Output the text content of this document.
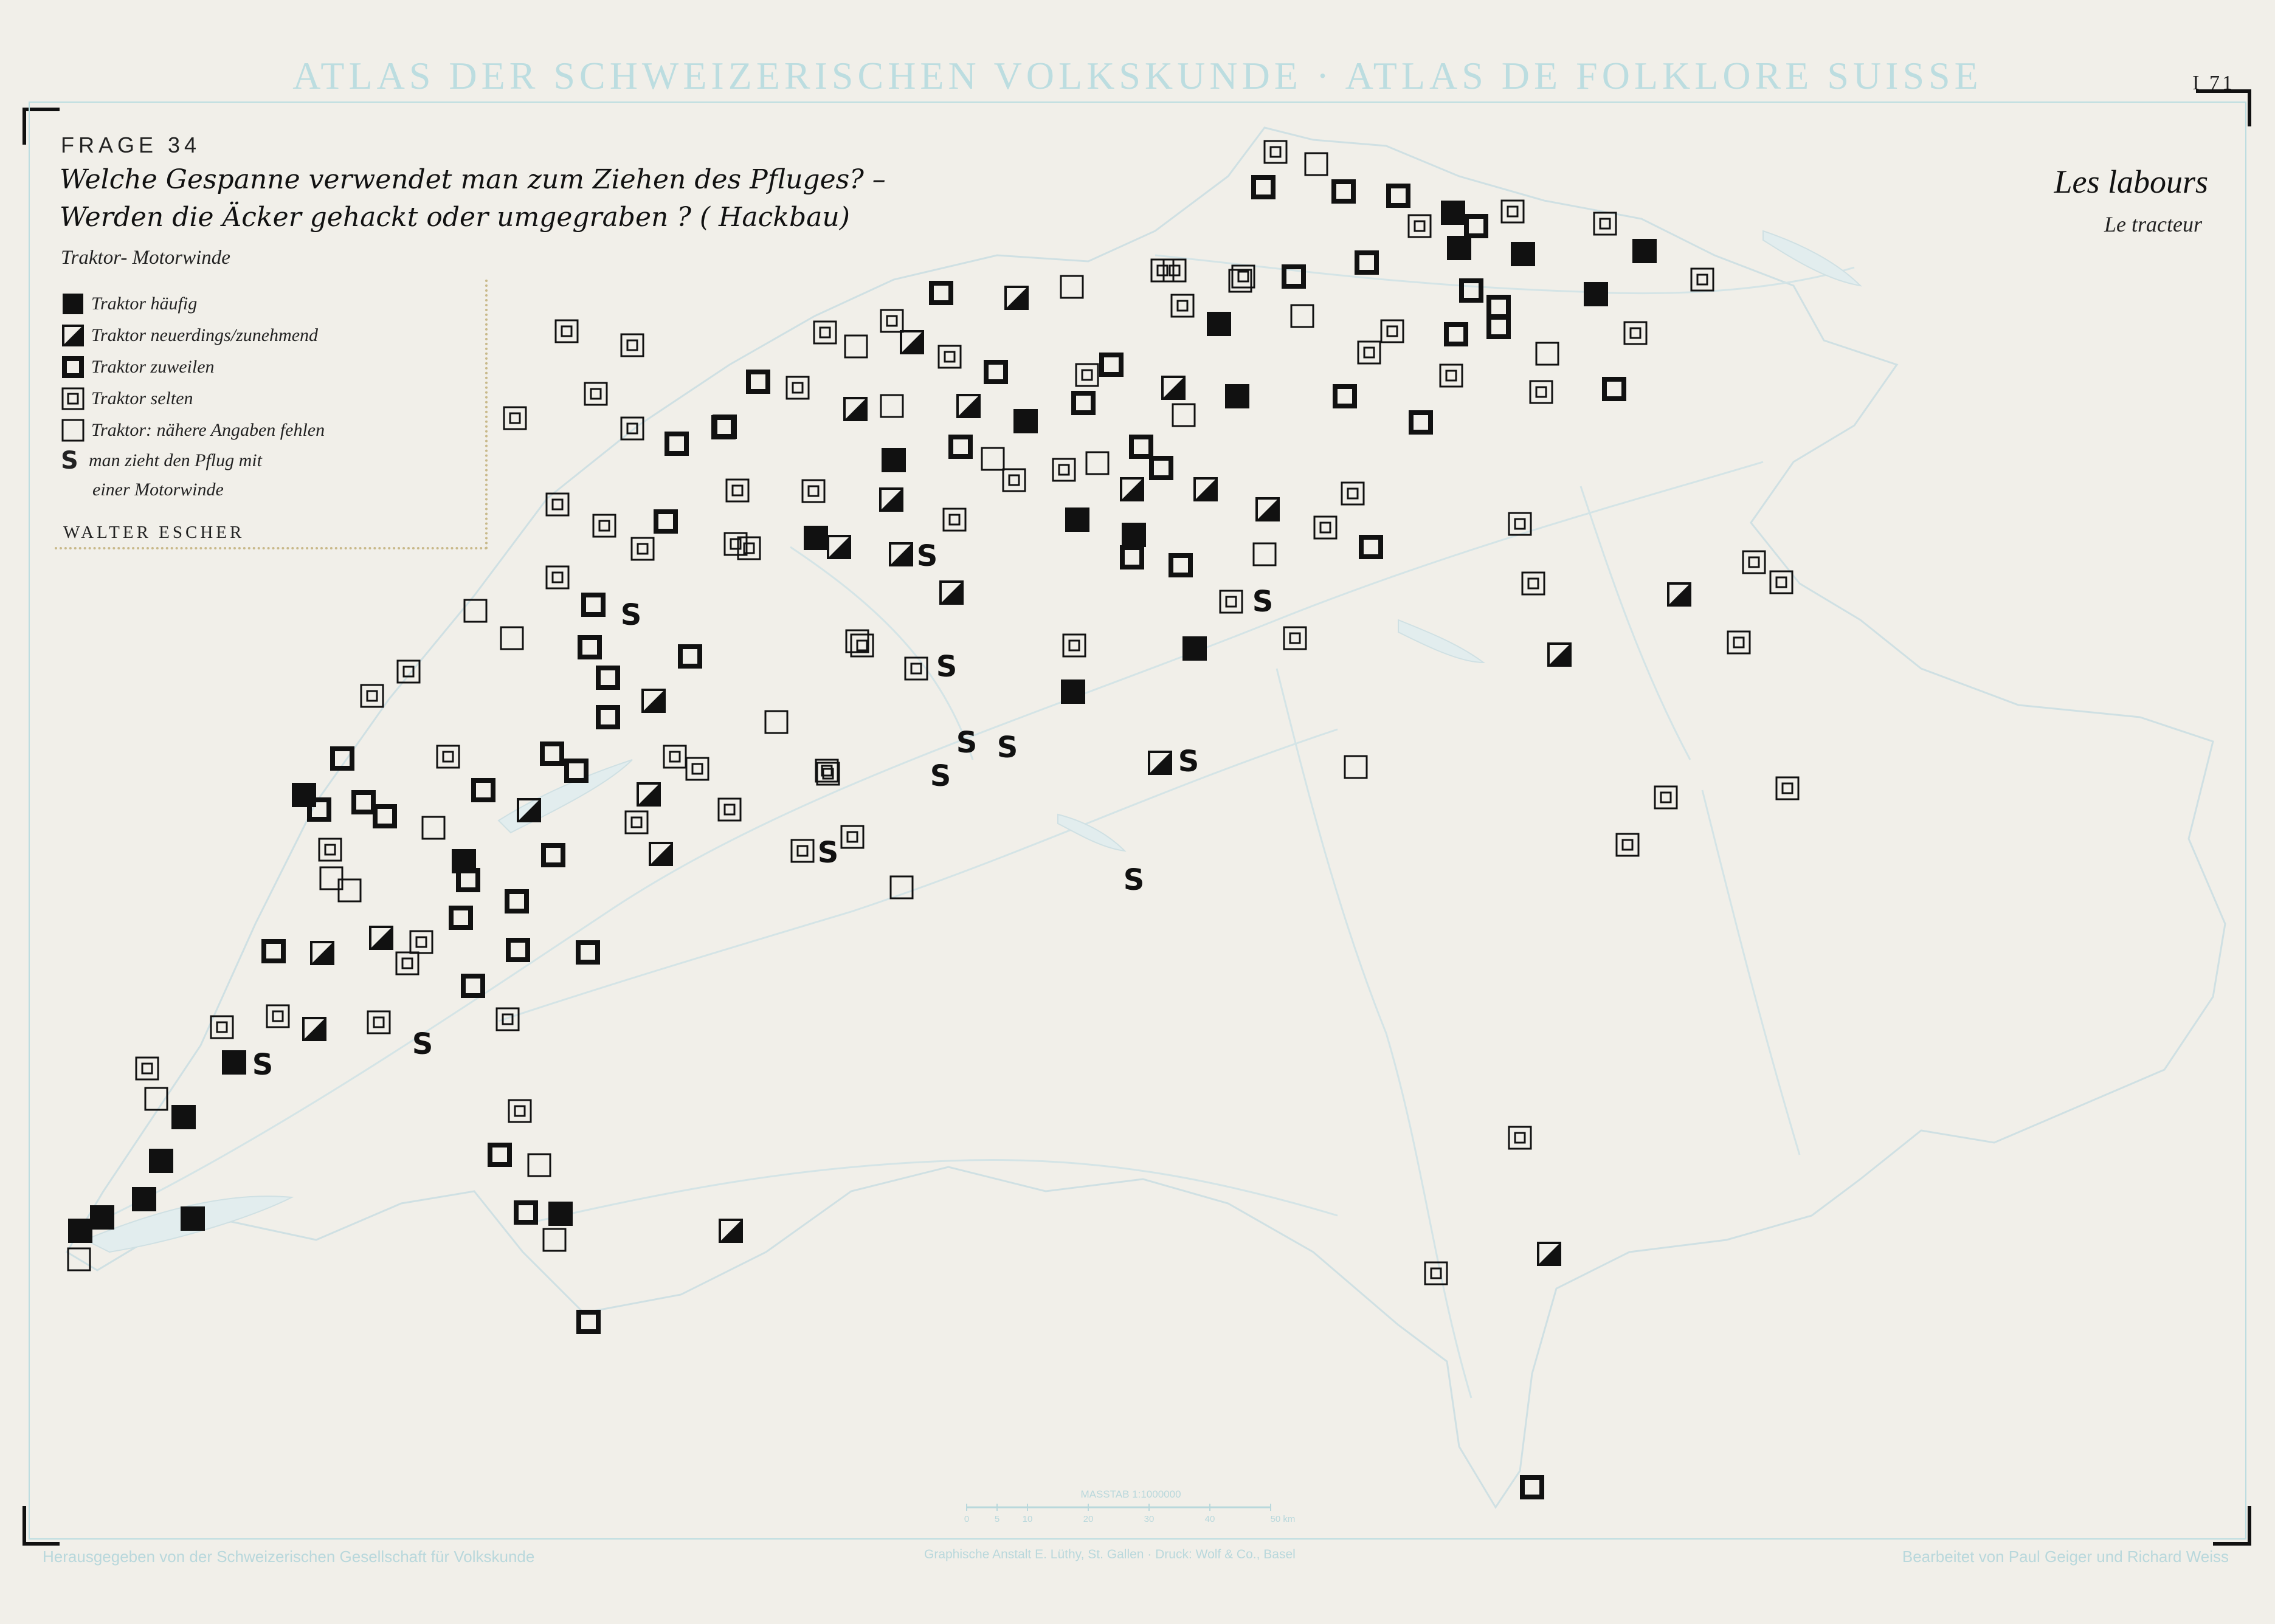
S
S	S
S
S S
S	S
S
S
S
S
ATLAS DER SCHWEIZERISCHEN VOLKSKUNDE · ATLAS DE FOLKLORE SUISSE	I 71
FRAGE 34
Welche Gespanne verwendet man zum Ziehen des Pfluges? –
Werden die Äcker gehackt oder umgegraben ? ( Hackbau)
Traktor- Motorwinde
Traktor häufig
Traktor neuerdings/zunehmend
Traktor zuweilen
Traktor selten
Traktor: nähere Angaben fehlen
S man zieht den Pflug mit
einer Motorwinde
WALTER ESCHER
Les labours
Le tracteur
MASSTAB 1:1000000
0	5 10	20	30	40	50 km
Herausgegeben von der Schweizerischen Gesellschaft für Volkskunde	Graphische Anstalt E. Lüthy, St. Gallen · Druck: Wolf & Co., Basel	Bearbeitet von Paul Geiger und Richard Weiss
